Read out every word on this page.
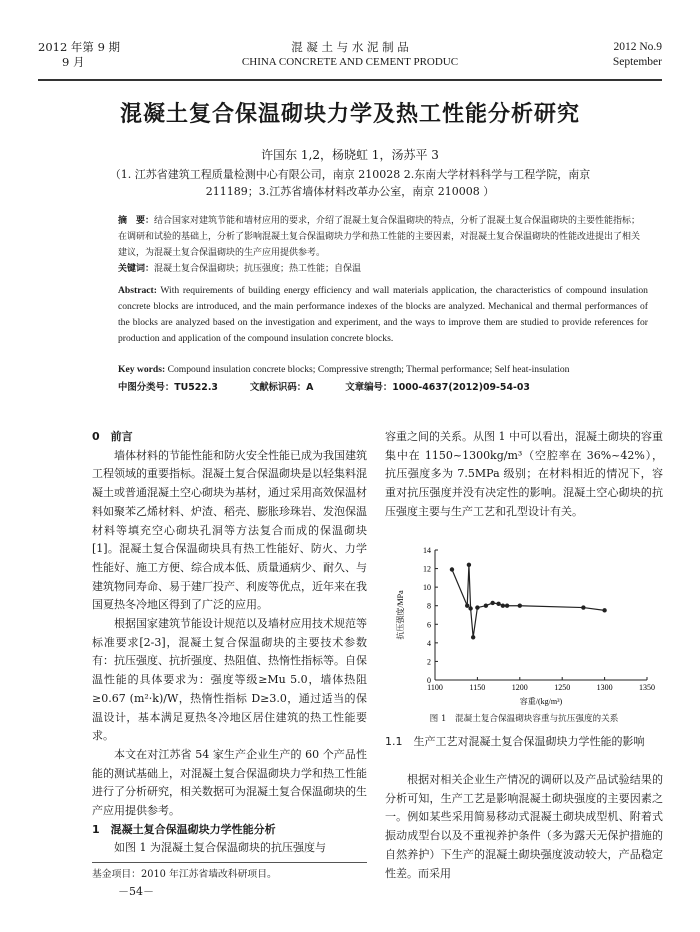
2012 年第 9 期
9 月
混 凝 土 与 水 泥 制 品
CHINA CONCRETE AND CEMENT PRODUC
2012 No.9
September
混凝土复合保温砌块力学及热工性能分析研究
许国东 1,2，杨晓虹 1，汤苏平 3
（1. 江苏省建筑工程质量检测中心有限公司，南京 210028 2.东南大学材料科学与工程学院，南京
211189；3.江苏省墙体材料改革办公室，南京 210008 ）
摘　要：结合国家对建筑节能和墙材应用的要求，介绍了混凝土复合保温砌块的特点，分析了混凝土复合保温砌块的主要性能指标；在调研和试验的基础上，分析了影响混凝土复合保温砌块力学和热工性能的主要因素，对混凝土复合保温砌块的性能改进提出了相关建议，为混凝土复合保温砌块的生产应用提供参考。
关键词：混凝土复合保温砌块；抗压强度；热工性能；自保温
Abstract: With requirements of building energy efficiency and wall materials application, the characteristics of compound insulation concrete blocks are introduced, and the main performance indexes of the blocks are analyzed. Mechanical and thermal performances of the blocks are analyzed based on the investigation and experiment, and the ways to improve them are studied to provide references for production and application of the compound insulation concrete blocks.
Key words: Compound insulation concrete blocks; Compressive strength; Thermal performance; Self heat-insulation
中图分类号：TU522.3	文献标识码：A	文章编号：1000-4637(2012)09-54-03
0　前言

墙体材料的节能性能和防火安全性能已成为我国建筑工程领域的重要指标。混凝土复合保温砌块是以轻集料混凝土或普通混凝土空心砌块为基材，通过采用高效保温材料如聚苯乙烯材料、炉渣、稻壳、膨胀珍珠岩、发泡保温材料等填充空心砌块孔洞等方法复合而成的保温砌块[1]。混凝土复合保温砌块具有热工性能好、防火、力学性能好、施工方便、综合成本低、质量通病少、耐久、与建筑物同寿命、易于建厂投产、利废等优点，近年来在我国夏热冬冷地区得到了广泛的应用。

根据国家建筑节能设计规范以及墙材应用技术规范等标准要求[2-3]，混凝土复合保温砌块的主要技术参数有：抗压强度、抗折强度、热阻值、热惰性指标等。自保温性能的具体要求为：强度等级≥Mu 5.0，墙体热阻 ≥0.67 (m²·k)/W，热惰性指标 D≥3.0，通过适当的保温设计，基本满足夏热冬冷地区居住建筑的热工性能要求。

本文在对江苏省 54 家生产企业生产的 60 个产品性能的测试基础上，对混凝土复合保温砌块力学和热工性能进行了分析研究，相关数据可为混凝土复合保温砌块的生产应用提供参考。

1　混凝土复合保温砌块力学性能分析

如图 1 为混凝土复合保温砌块的抗压强度与

基金项目：2010 年江苏省墙改科研项目。
－54－

容重之间的关系。从图 1 中可以看出，混凝土砌块的容重集中在 1150~1300kg/m³（空腔率在 36%~42%），抗压强度多为 7.5MPa 级别；在材料相近的情况下，容重对抗压强度并没有决定性的影响。混凝土空心砌块的抗压强度主要与生产工艺和孔型设计有关。

1100	1150	1200	1250	1300	1350
0
2
4
6
8
10
12
14
容重/(kg/m³)
抗压强度/MPa
图 1　混凝土复合保温砌块容重与抗压强度的关系
1.1　生产工艺对混凝土复合保温砌块力学性能的影响

根据对相关企业生产情况的调研以及产品试验结果的分析可知，生产工艺是影响混凝土砌块强度的主要因素之一。例如某些采用简易移动式混凝土砌块成型机、附着式振动成型台以及不重视养护条件（多为露天无保护措施的自然养护）下生产的混凝土砌块强度波动较大，产品稳定性差。而采用
